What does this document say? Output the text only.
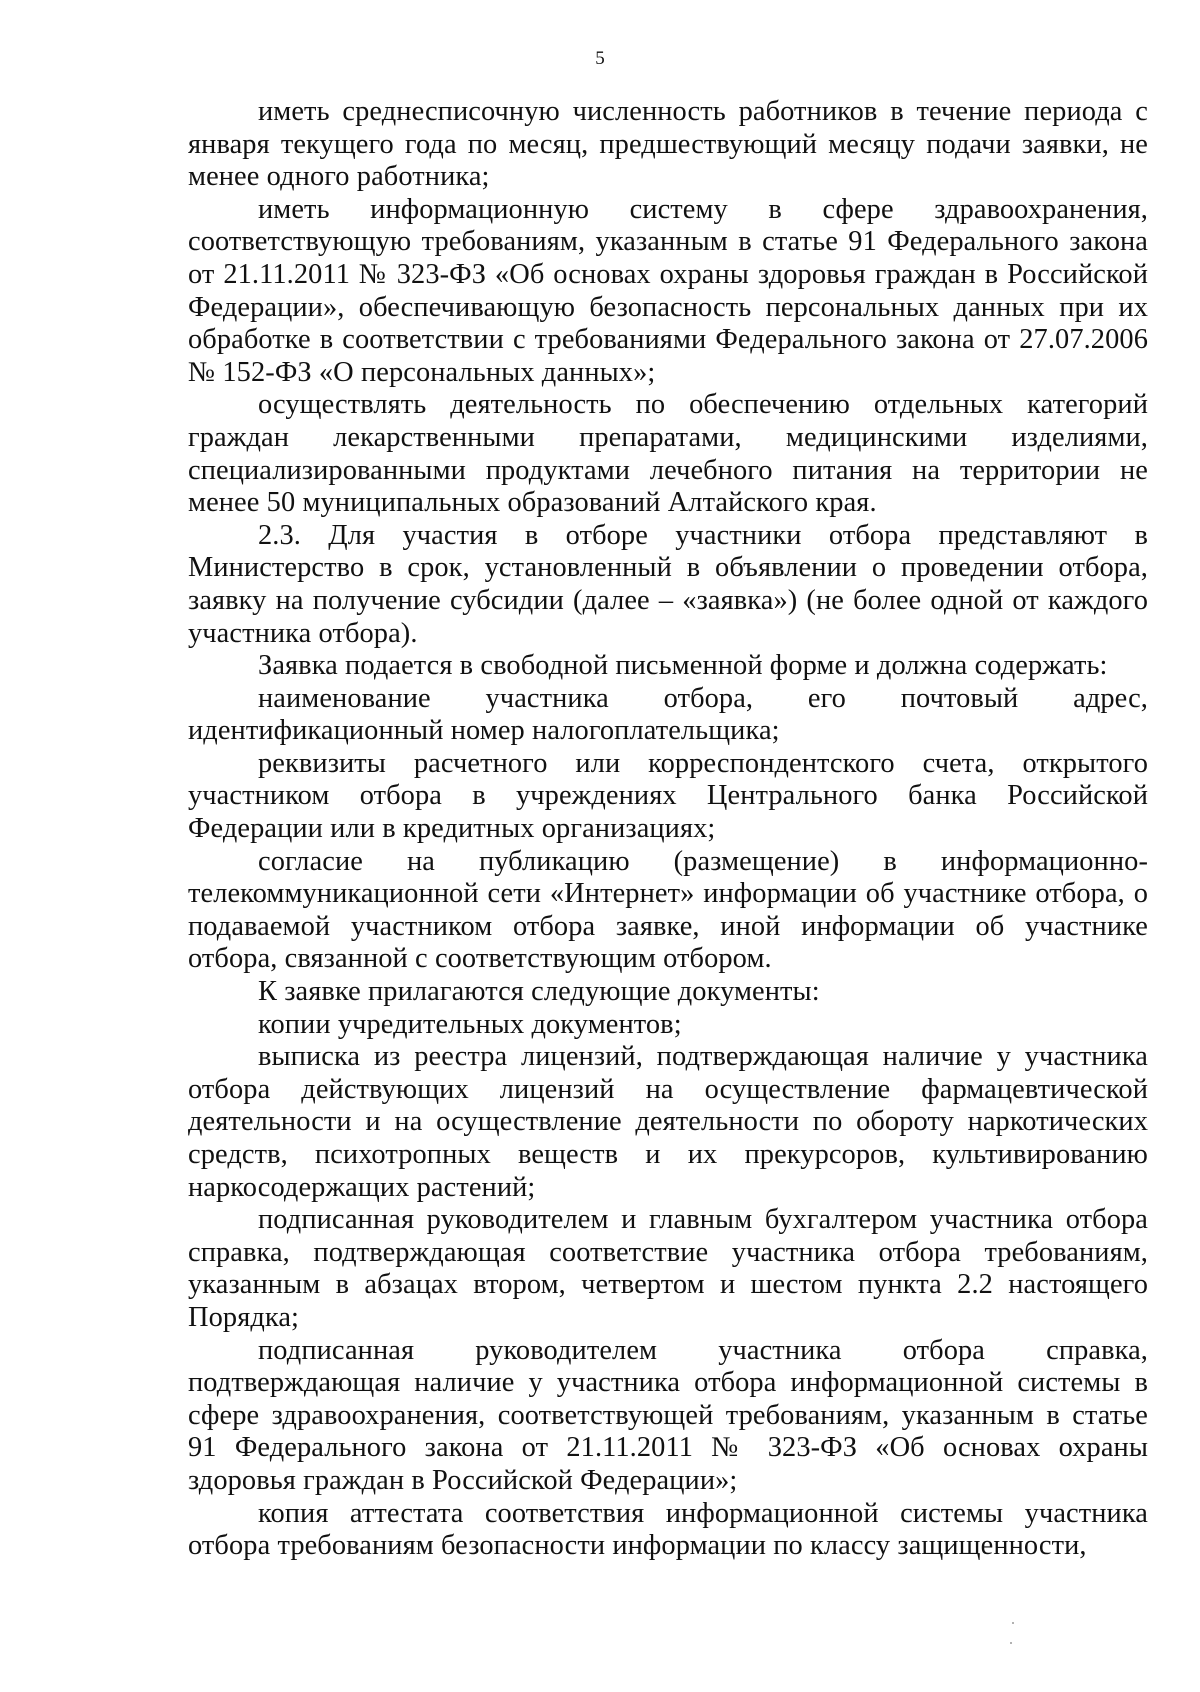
5

иметь среднесписочную численность работников в течение периода с января текущего года по месяц, предшествующий месяцу подачи заявки, не менее одного работника;

иметь информационную систему в сфере здравоохранения, соответствующую требованиям, указанным в статье 91 Федерального закона от 21.11.2011 № 323-ФЗ «Об основах охраны здоровья граждан в Российской Федерации», обеспечивающую безопасность персональных данных при их обработке в соответствии с требованиями Федерального закона от 27.07.2006 № 152-ФЗ «О персональных данных»;

осуществлять деятельность по обеспечению отдельных категорий граждан лекарственными препаратами, медицинскими изделиями, специализированными продуктами лечебного питания на территории не менее 50 муниципальных образований Алтайского края.

2.3. Для участия в отборе участники отбора представляют в Министерство в срок, установленный в объявлении о проведении отбора, заявку на получение субсидии (далее – «заявка») (не более одной от каждого участника отбора).

Заявка подается в свободной письменной форме и должна содержать:

наименование участника отбора, его почтовый адрес, идентификационный номер налогоплательщика;

реквизиты расчетного или корреспондентского счета, открытого участником отбора в учреждениях Центрального банка Российской Федерации или в кредитных организациях;

согласие на публикацию (размещение) в информационно-телекоммуникационной сети «Интернет» информации об участнике отбора, о подаваемой участником отбора заявке, иной информации об участнике отбора, связанной с соответствующим отбором.

К заявке прилагаются следующие документы:

копии учредительных документов;

выписка из реестра лицензий, подтверждающая наличие у участника отбора действующих лицензий на осуществление фармацевтической деятельности и на осуществление деятельности по обороту наркотических средств, психотропных веществ и их прекурсоров, культивированию наркосодержащих растений;

подписанная руководителем и главным бухгалтером участника отбора справка, подтверждающая соответствие участника отбора требованиям, указанным в абзацах втором, четвертом и шестом пункта 2.2 настоящего Порядка;

подписанная руководителем участника отбора справка, подтверждающая наличие у участника отбора информационной системы в сфере здравоохранения, соответствующей требованиям, указанным в статье 91 Федерального закона от 21.11.2011 № 323-ФЗ «Об основах охраны здоровья граждан в Российской Федерации»;

копия аттестата соответствия информационной системы участника отбора требованиям безопасности информации по классу защищенности,
